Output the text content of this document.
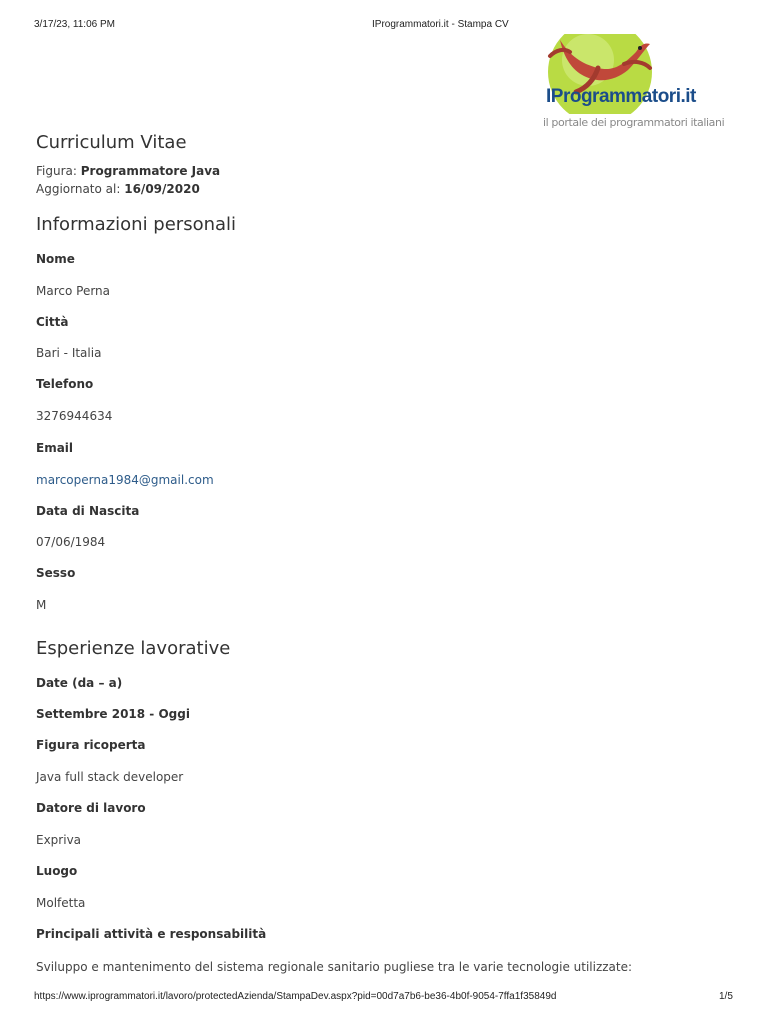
3/17/23, 11:06 PM	IProgrammatori.it - Stampa CV
IProgrammatori.it
il portale dei programmatori italiani
Curriculum Vitae
Figura: Programmatore Java
Aggiornato al: 16/09/2020
Informazioni personali
Nome
Marco Perna
Città
Bari - Italia
Telefono
3276944634
Email
marcoperna1984@gmail.com
Data di Nascita
07/06/1984
Sesso
M
Esperienze lavorative
Date (da – a)
Settembre 2018 - Oggi
Figura ricoperta
Java full stack developer
Datore di lavoro
Expriva
Luogo
Molfetta
Principali attività e responsabilità
Sviluppo e mantenimento del sistema regionale sanitario pugliese tra le varie tecnologie utilizzate:
https://www.iprogrammatori.it/lavoro/protectedAzienda/StampaDev.aspx?pid=00d7a7b6-be36-4b0f-9054-7ffa1f35849d	1/5
